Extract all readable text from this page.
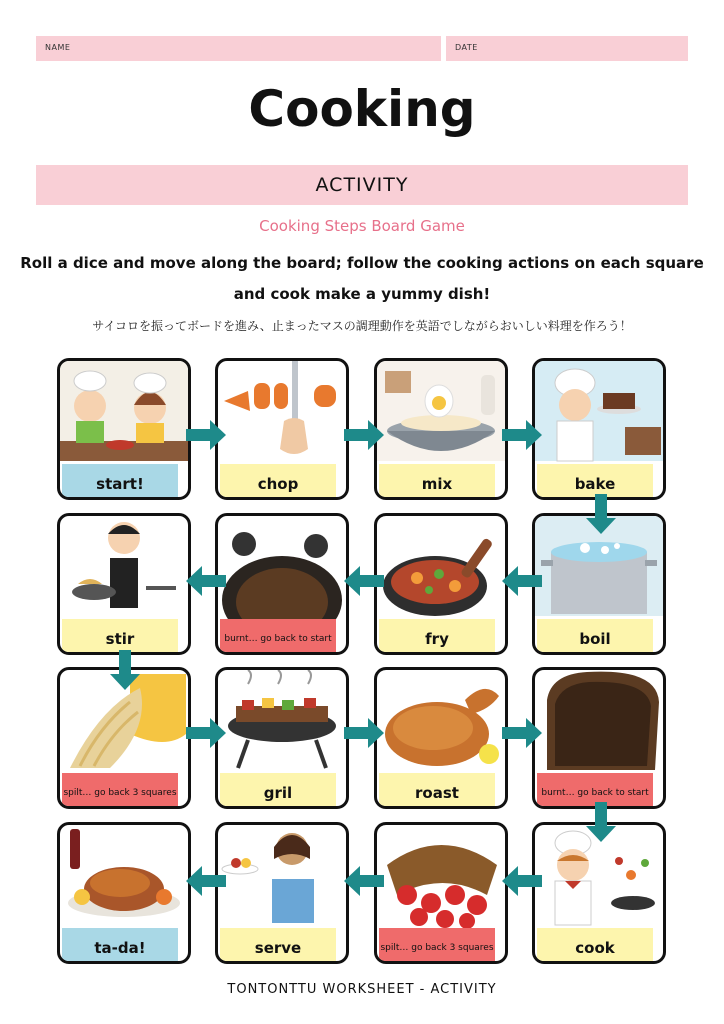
NAME	DATE
Cooking
ACTIVITY
Cooking Steps Board Game
Roll a dice and move along the board; follow the cooking actions on each square
and cook make a yummy dish!
サイコロを振ってボードを進み、止まったマスの調理動作を英語でしながらおいしい料理を作ろう！
start!	chop	mix	bake
stir	burnt… go back to start	fry	boil
spilt… go back 3 squares	gril	roast	burnt… go back to start
ta-da!	serve	spilt… go back 3 squares	cook
TONTONTTU WORKSHEET - ACTIVITY
